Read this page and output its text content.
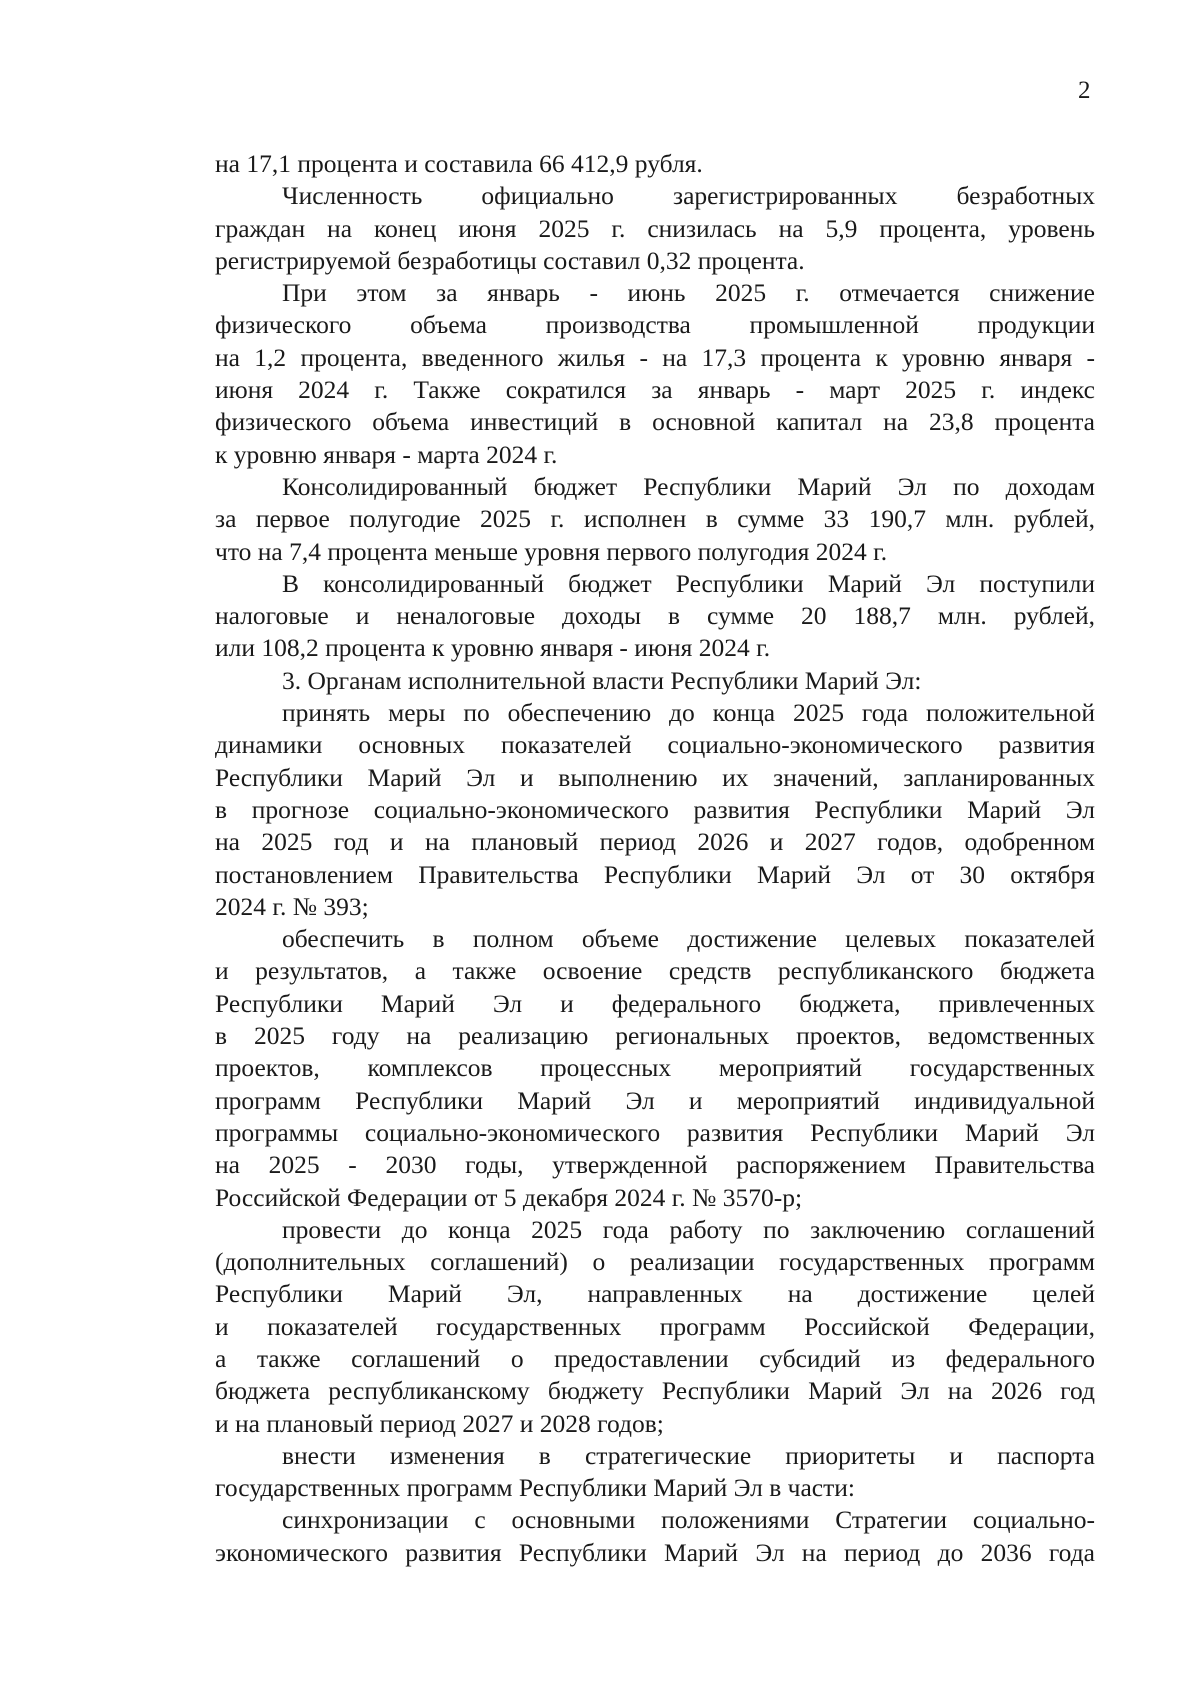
2
на 17,1 процента и составила 66 412,9 рубля.
Численность официально зарегистрированных безработных
граждан на конец июня 2025 г. снизилась на 5,9 процента, уровень
регистрируемой безработицы составил 0,32 процента.
При этом за январь - июнь 2025 г. отмечается снижение
физического объема производства промышленной продукции
на 1,2 процента, введенного жилья - на 17,3 процента к уровню января -
июня 2024 г. Также сократился за январь - март 2025 г. индекс
физического объема инвестиций в основной капитал на 23,8 процента
к уровню января - марта 2024 г.
Консолидированный бюджет Республики Марий Эл по доходам
за первое полугодие 2025 г. исполнен в сумме 33 190,7 млн. рублей,
что на 7,4 процента меньше уровня первого полугодия 2024 г.
В консолидированный бюджет Республики Марий Эл поступили
налоговые и неналоговые доходы в сумме 20 188,7 млн. рублей,
или 108,2 процента к уровню января - июня 2024 г.
3. Органам исполнительной власти Республики Марий Эл:
принять меры по обеспечению до конца 2025 года положительной
динамики основных показателей социально-экономического развития
Республики Марий Эл и выполнению их значений, запланированных
в прогнозе социально-экономического развития Республики Марий Эл
на 2025 год и на плановый период 2026 и 2027 годов, одобренном
постановлением Правительства Республики Марий Эл от 30 октября
2024 г. № 393;
обеспечить в полном объеме достижение целевых показателей
и результатов, а также освоение средств республиканского бюджета
Республики Марий Эл и федерального бюджета, привлеченных
в 2025 году на реализацию региональных проектов, ведомственных
проектов, комплексов процессных мероприятий государственных
программ Республики Марий Эл и мероприятий индивидуальной
программы социально-экономического развития Республики Марий Эл
на 2025 - 2030 годы, утвержденной распоряжением Правительства
Российской Федерации от 5 декабря 2024 г. № 3570-р;
провести до конца 2025 года работу по заключению соглашений
(дополнительных соглашений) о реализации государственных программ
Республики Марий Эл, направленных на достижение целей
и показателей государственных программ Российской Федерации,
а также соглашений о предоставлении субсидий из федерального
бюджета республиканскому бюджету Республики Марий Эл на 2026 год
и на плановый период 2027 и 2028 годов;
внести изменения в стратегические приоритеты и паспорта
государственных программ Республики Марий Эл в части:
синхронизации с основными положениями Стратегии социально-
экономического развития Республики Марий Эл на период до 2036 года
